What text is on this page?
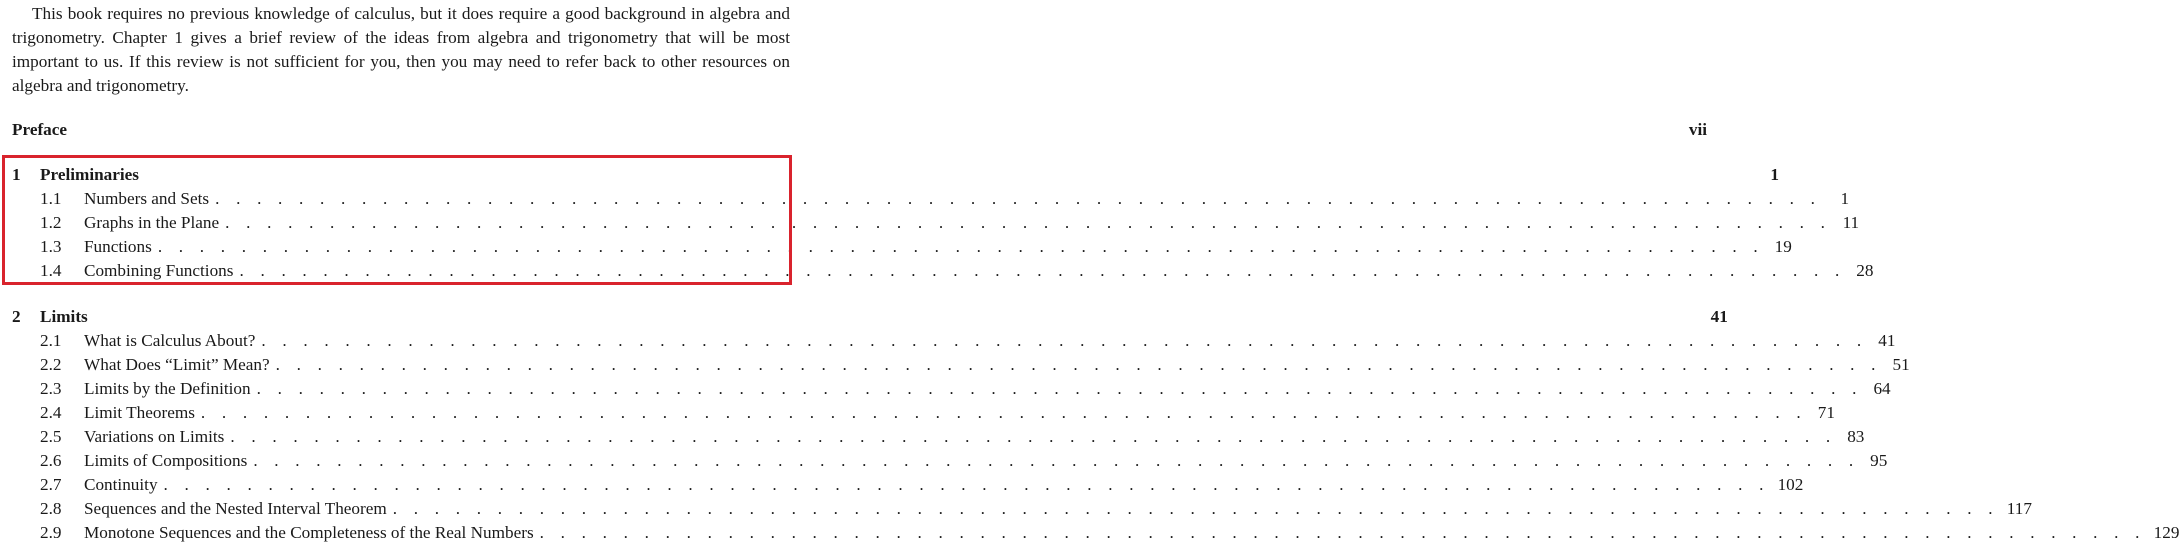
This book requires no previous knowledge of calculus, but it does require a good background in algebra and trigonometry. Chapter 1 gives a brief review of the ideas from algebra and trigonometry that will be most important to us. If this review is not sufficient for you, then you may need to refer back to other resources on algebra and trigonometry.

Preface	vii
1	Preliminaries	1
1.1	Numbers and Sets . . . . . . . . . . . . . . . . . . . . . . . . . . . . . . . . . . . . . . . . . . . . . . . . . . . . . . . . . . . . . . . . . . . . . . . . . . . . .	1
1.2	Graphs in the Plane . . . . . . . . . . . . . . . . . . . . . . . . . . . . . . . . . . . . . . . . . . . . . . . . . . . . . . . . . . . . . . . . . . . . . . . . . . . . . 11
1.3	Functions . . . . . . . . . . . . . . . . . . . . . . . . . . . . . . . . . . . . . . . . . . . . . . . . . . . . . . . . . . . . . . . . . . . . . . . . . . . . . 19
1.4	Combining Functions . . . . . . . . . . . . . . . . . . . . . . . . . . . . . . . . . . . . . . . . . . . . . . . . . . . . . . . . . . . . . . . . . . . . . . . . . . . . . 28
2	Limits	41
2.1	What is Calculus About? . . . . . . . . . . . . . . . . . . . . . . . . . . . . . . . . . . . . . . . . . . . . . . . . . . . . . . . . . . . . . . . . . . . . . . . . . . . . . 41
2.2	What Does “Limit” Mean? . . . . . . . . . . . . . . . . . . . . . . . . . . . . . . . . . . . . . . . . . . . . . . . . . . . . . . . . . . . . . . . . . . . . . . . . . . . . . 51
2.3	Limits by the Definition . . . . . . . . . . . . . . . . . . . . . . . . . . . . . . . . . . . . . . . . . . . . . . . . . . . . . . . . . . . . . . . . . . . . . . . . . . . . . 64
2.4	Limit Theorems . . . . . . . . . . . . . . . . . . . . . . . . . . . . . . . . . . . . . . . . . . . . . . . . . . . . . . . . . . . . . . . . . . . . . . . . . . . . . 71
2.5	Variations on Limits . . . . . . . . . . . . . . . . . . . . . . . . . . . . . . . . . . . . . . . . . . . . . . . . . . . . . . . . . . . . . . . . . . . . . . . . . . . . . 83
2.6	Limits of Compositions . . . . . . . . . . . . . . . . . . . . . . . . . . . . . . . . . . . . . . . . . . . . . . . . . . . . . . . . . . . . . . . . . . . . . . . . . . . . . 95
2.7	Continuity . . . . . . . . . . . . . . . . . . . . . . . . . . . . . . . . . . . . . . . . . . . . . . . . . . . . . . . . . . . . . . . . . . . . . . . . . . . . . 102
2.8	Sequences and the Nested Interval Theorem . . . . . . . . . . . . . . . . . . . . . . . . . . . . . . . . . . . . . . . . . . . . . . . . . . . . . . . . . . . . . . . . . . . . . . . . . . . . . 117
2.9	Monotone Sequences and the Completeness of the Real Numbers . . . . . . . . . . . . . . . . . . . . . . . . . . . . . . . . . . . . . . . . . . . . . . . . . . . . . . . . . . . . . . . . . . . . . . . . . . . . . 129
